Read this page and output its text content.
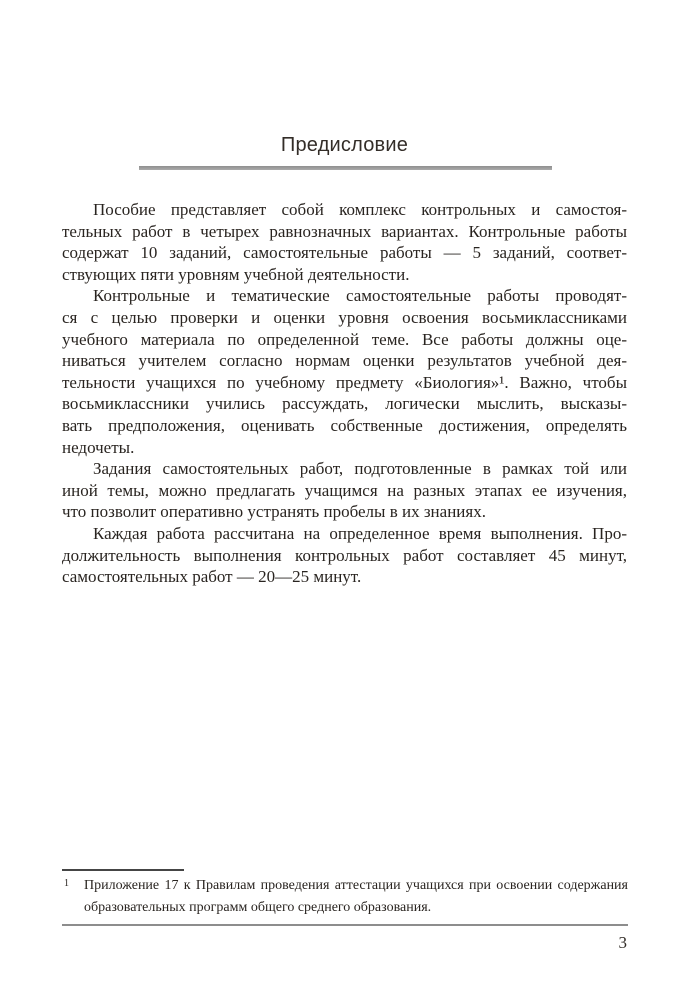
Предисловие
Пособие представляет собой комплекс контрольных и самостоя-
тельных работ в четырех равнозначных вариантах. Контрольные работы
содержат 10 заданий, самостоятельные работы — 5 заданий, соответ-
ствующих пяти уровням учебной деятельности.
Контрольные и тематические самостоятельные работы проводят-
ся с целью проверки и оценки уровня освоения восьмиклассниками
учебного материала по определенной теме. Все работы должны оце-
ниваться учителем согласно нормам оценки результатов учебной дея-
тельности учащихся по учебному предмету «Биология»¹. Важно, чтобы
восьмиклассники учились рассуждать, логически мыслить, высказы-
вать предположения, оценивать собственные достижения, определять
недочеты.
Задания самостоятельных работ, подготовленные в рамках той или
иной темы, можно предлагать учащимся на разных этапах ее изучения,
что позволит оперативно устранять пробелы в их знаниях.
Каждая работа рассчитана на определенное время выполнения. Про-
должительность выполнения контрольных работ составляет 45 минут,
самостоятельных работ — 20—25 минут.
1 Приложение 17 к Правилам проведения аттестации учащихся при освоении содержания
образовательных программ общего среднего образования.
3
